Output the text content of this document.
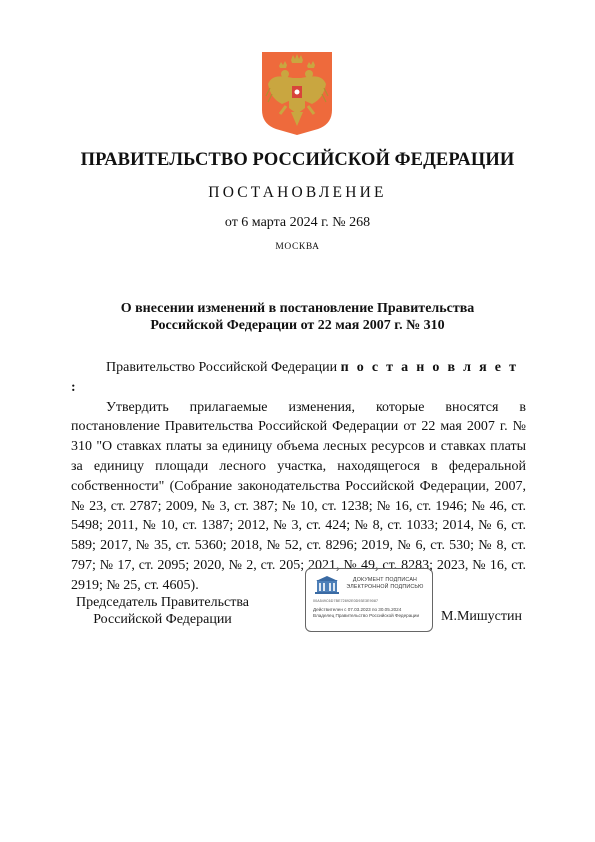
ПРАВИТЕЛЬСТВО РОССИЙСКОЙ ФЕДЕРАЦИИ
ПОСТАНОВЛЕНИЕ
от 6 марта 2024 г. № 268
МОСКВА
О внесении изменений в постановление Правительства
Российской Федерации от 22 мая 2007 г. № 310
Правительство Российской Федерации п о с т а н о в л я е т :
Утвердить прилагаемые изменения, которые вносятся в постановление Правительства Российской Федерации от 22 мая 2007 г. № 310 "О ставках платы за единицу объема лесных ресурсов и ставках платы за единицу площади лесного участка, находящегося в федеральной собственности" (Собрание законодательства Российской Федерации, 2007, № 23, ст. 2787; 2009, № 3, ст. 387; № 10, ст. 1238; № 16, ст. 1946; № 46, ст. 5498; 2011, № 10, ст. 1387; 2012, № 3, ст. 424; № 8, ст. 1033; 2014, № 6, ст. 589; 2017, № 35, ст. 5360; 2018, № 52, ст. 8296; 2019, № 6, ст. 530; № 8, ст. 797; № 17, ст. 2095; 2020, № 2, ст. 205; 2021, № 49, ст. 8283; 2023, № 16, ст. 2919; № 25, ст. 4605).
Председатель Правительства
Российской Федерации
ДОКУМЕНТ ПОДПИСАН
ЭЛЕКТРОННОЙ ПОДПИСЬЮ
00A549C6D7BE72892E0D93E3E9087
Действителен с 07.03.2023 по 30.05.2024
Владелец Правительство Российской Федерации	М.Мишустин
